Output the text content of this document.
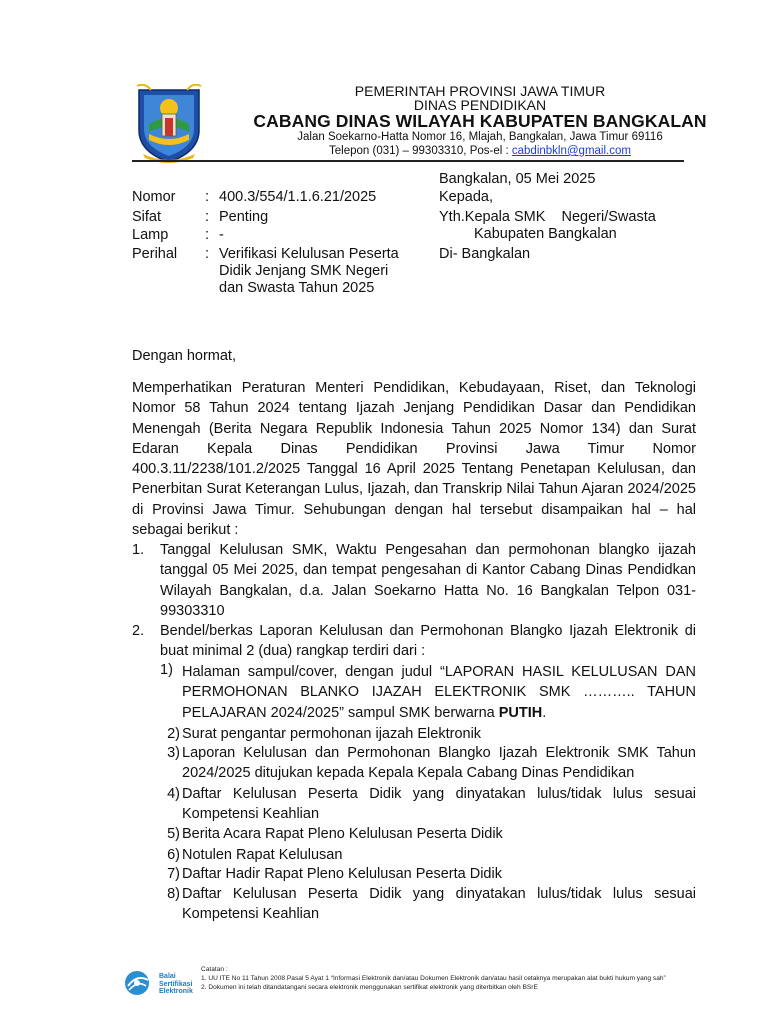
PEMERINTAH PROVINSI JAWA TIMUR
DINAS PENDIDIKAN
CABANG DINAS WILAYAH KABUPATEN BANGKALAN
Jalan Soekarno-Hatta Nomor 16, Mlajah, Bangkalan, Jawa Timur 69116
Telepon (031) – 99303310, Pos-el : cabdinbkln@gmail.com
Bangkalan, 05 Mei 2025
Kepada,
Yth.Kepala SMK    Negeri/Swasta
Kabupaten Bangkalan
Di- Bangkalan
Nomor	: 400.3/554/1.1.6.21/2025
Sifat	: Penting
Lamp	: -
Perihal	: Verifikasi Kelulusan Peserta Didik Jenjang SMK Negeri dan Swasta Tahun 2025
Dengan hormat,
Memperhatikan Peraturan Menteri Pendidikan, Kebudayaan, Riset, dan Teknologi Nomor 58 Tahun 2024 tentang Ijazah Jenjang Pendidikan Dasar dan Pendidikan Menengah (Berita Negara Republik Indonesia Tahun 2025 Nomor 134) dan Surat Edaran Kepala Dinas Pendidikan Provinsi Jawa Timur Nomor 400.3.11/2238/101.2/2025 Tanggal 16 April 2025 Tentang Penetapan Kelulusan, dan Penerbitan Surat Keterangan Lulus, Ijazah, dan Transkrip Nilai Tahun Ajaran 2024/2025 di Provinsi Jawa Timur. Sehubungan dengan hal tersebut disampaikan hal – hal sebagai berikut :
1.	Tanggal Kelulusan SMK, Waktu Pengesahan dan permohonan blangko ijazah tanggal 05 Mei 2025, dan tempat pengesahan di Kantor Cabang Dinas Pendidkan Wilayah Bangkalan, d.a. Jalan Soekarno Hatta No. 16 Bangkalan Telpon 031-99303310
2.	Bendel/berkas Laporan Kelulusan dan Permohonan Blangko Ijazah Elektronik di buat minimal 2 (dua) rangkap terdiri dari :
1) Halaman sampul/cover, dengan judul “LAPORAN HASIL KELULUSAN DAN PERMOHONAN BLANKO IJAZAH ELEKTRONIK SMK ……….. TAHUN PELAJARAN 2024/2025” sampul SMK berwarna PUTIH.
2) Surat pengantar permohonan ijazah Elektronik
3) Laporan Kelulusan dan Permohonan Blangko Ijazah Elektronik SMK Tahun 2024/2025 ditujukan kepada Kepala Kepala Cabang Dinas Pendidikan
4) Daftar Kelulusan Peserta Didik yang dinyatakan lulus/tidak lulus sesuai Kompetensi Keahlian
5) Berita Acara Rapat Pleno Kelulusan Peserta Didik
6) Notulen Rapat Kelulusan
7) Daftar Hadir Rapat Pleno Kelulusan Peserta Didik
8) Daftar Kelulusan Peserta Didik yang dinyatakan lulus/tidak lulus sesuai Kompetensi Keahlian
Balai
Sertifikasi
Elektronik
Catatan :
1. UU ITE No 11 Tahun 2008 Pasal 5 Ayat 1 “Informasi Elektronik dan/atau Dokumen Elektronik dan/atau hasil cetaknya merupakan alat bukti hukum yang sah”
2. Dokumen ini telah ditandatangani secara elektronik menggunakan sertifikat elektronik yang diterbitkan oleh BSrE
